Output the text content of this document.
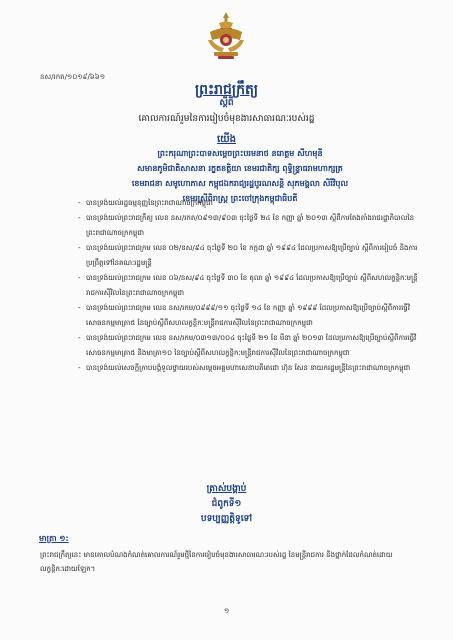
នស/រកត/១០១៩/៦៦១
ព្រះរាជក្រឹត្យ
ស្ដីពី
គោលការណ៍រួមនៃការរៀបចំមុខងារសាធារណៈរបស់រដ្ឋ
យើង
ព្រះករុណាព្រះបាទសម្ដេចព្រះបរមនាថ នរោត្ដម សីហមុនី
សមានភូមិជាតិសាសនា រក្ខតខត្តិយា ខេមរជាតិក្ស ពុទ្ធិន្ទ្រាធរាមហាក្សត្រ
ខេមរាជនា សមូហោភាស កម្ពុជឯករាជ្យរដ្ឋបូរណសន្តិ សុភមង្គលា សិរីវិបុល
ខេមរស្រីពិរាស្ត្រ ព្រះចៅក្រុងកម្ពុជាធិបតី
- បានទ្រង់យល់រដ្ឋធម្មនុញ្ញនៃព្រះរាជាណាចក្រកម្ពុជា
- បានទ្រង់យល់ព្រះរាជក្រឹត្យ លេខ នស/រកត/០៩១៣/៩០៣ ចុះថ្ងៃទី ២៤ ខែ កញ្ញា ឆ្នាំ ២០១៣ ស្ដីពីការតែងតាំងរាជរដ្ឋាភិបាលនៃព្រះរាជាណាចក្រកម្ពុជា
- បានទ្រង់យល់ព្រះរាជក្រម លេខ ០២/នស/៩៤ ចុះថ្ងៃទី ២០ ខែ កក្កដា ឆ្នាំ ១៩៩៤ ដែលប្រកាសឱ្យប្រើច្បាប់ ស្ដីពីការរៀបចំ និងការប្រព្រឹត្តទៅនៃគណៈរដ្ឋមន្ត្រី
- បានទ្រង់យល់ព្រះរាជក្រម លេខ ០៦/នស/៩៤ ចុះថ្ងៃទី ៣០ ខែ តុលា ឆ្នាំ ១៩៩៤ ដែលប្រកាសឱ្យប្រើច្បាប់ ស្ដីពីសហលក្ខន្តិកៈមន្ត្រីរាជការស៊ីវិលនៃព្រះរាជាណាចក្រកម្ពុជា
- បានទ្រង់យល់ព្រះរាជក្រម លេខ នស/រកម/០៩៩៩/១១ ចុះថ្ងៃទី ១៤ ខែ កញ្ញា ឆ្នាំ ១៩៩៩ ដែលប្រកាសឱ្យប្រើច្បាប់ស្ដីពីការធ្វើវិសោធនកម្មមាត្រា៥ នៃច្បាប់ស្ដីពីសហលក្ខន្តិកៈមន្ត្រីរាជការស៊ីវិលនៃព្រះរាជាណាចក្រកម្ពុជា
- បានទ្រង់យល់ព្រះរាជក្រម លេខ នស/រកម/០៣១៣/០០៤ ចុះថ្ងៃទី ២១ ខែ មីនា ឆ្នាំ ២០១៣ ដែលប្រកាសឱ្យប្រើច្បាប់ស្ដីពីការធ្វើវិសោធនកម្មមាត្រា៥ និងមាត្រា១០ នៃច្បាប់ស្ដីពីសហលក្ខន្តិកៈមន្ត្រីរាជការស៊ីវិលនៃព្រះរាជាណាចក្រកម្ពុជា
- បានទ្រង់យល់សេចក្ដីក្រាបបង្គំទូលថ្វាយរបស់សម្ដេចអគ្គមហាសេនាបតីតេជោ ហ៊ុន សែន នាយករដ្ឋមន្ត្រីនៃព្រះរាជាណាចក្រកម្ពុជា
ត្រាស់បង្គាប់
ជំពូកទី១
បទប្បញ្ញត្តិទូទៅ
មាត្រា ១:
ព្រះរាជក្រឹត្យនេះ មានគោលបំណងកំណត់គោលការណ៍រួមថ្មីនៃការរៀបចំមុខងារសាធារណៈរបស់រដ្ឋ នៃមន្ត្រីរាជការ និងថ្នាក់ដែលកំណត់ដោយលក្ខន្តិកៈដោយឡែក។
១
